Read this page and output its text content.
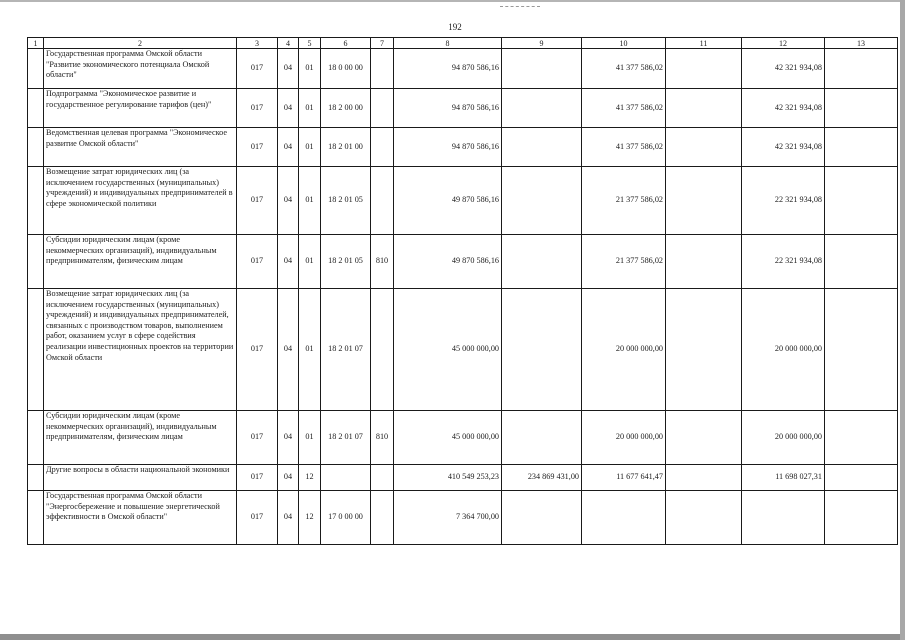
192
1	2	3	4	5	6	7	8	9	10	11	12	13
	Государственная программа Омской области "Развитие экономического потенциала Омской области"	017	04	01	18 0 00 00		94 870 586,16		41 377 586,02		42 321 934,08	
	Подпрограмма "Экономическое развитие и государственное регулирование тарифов (цен)"	017	04	01	18 2 00 00		94 870 586,16		41 377 586,02		42 321 934,08	
	Ведомственная целевая программа "Экономическое развитие Омской области"	017	04	01	18 2 01 00		94 870 586,16		41 377 586,02		42 321 934,08	
	Возмещение затрат юридических лиц (за исключением государственных (муниципальных) учреждений) и индивидуальных предпринимателей в сфере экономической политики	017	04	01	18 2 01 05		49 870 586,16		21 377 586,02		22 321 934,08	
	Субсидии юридическим лицам (кроме некоммерческих организаций), индивидуальным предпринимателям, физическим лицам	017	04	01	18 2 01 05	810	49 870 586,16		21 377 586,02		22 321 934,08	
	Возмещение затрат юридических лиц (за исключением государственных (муниципальных) учреждений) и индивидуальных предпринимателей, связанных с производством товаров, выполнением работ, оказанием услуг в сфере содействия реализации инвестиционных проектов на территории Омской области	017	04	01	18 2 01 07		45 000 000,00		20 000 000,00		20 000 000,00	
	Субсидии юридическим лицам (кроме некоммерческих организаций), индивидуальным предпринимателям, физическим лицам	017	04	01	18 2 01 07	810	45 000 000,00		20 000 000,00		20 000 000,00	
	Другие вопросы в области национальной экономики	017	04	12			410 549 253,23	234 869 431,00	11 677 641,47		11 698 027,31	
	Государственная программа Омской области "Энергосбережение и повышение энергетической эффективности в Омской области"	017	04	12	17 0 00 00		7 364 700,00					
